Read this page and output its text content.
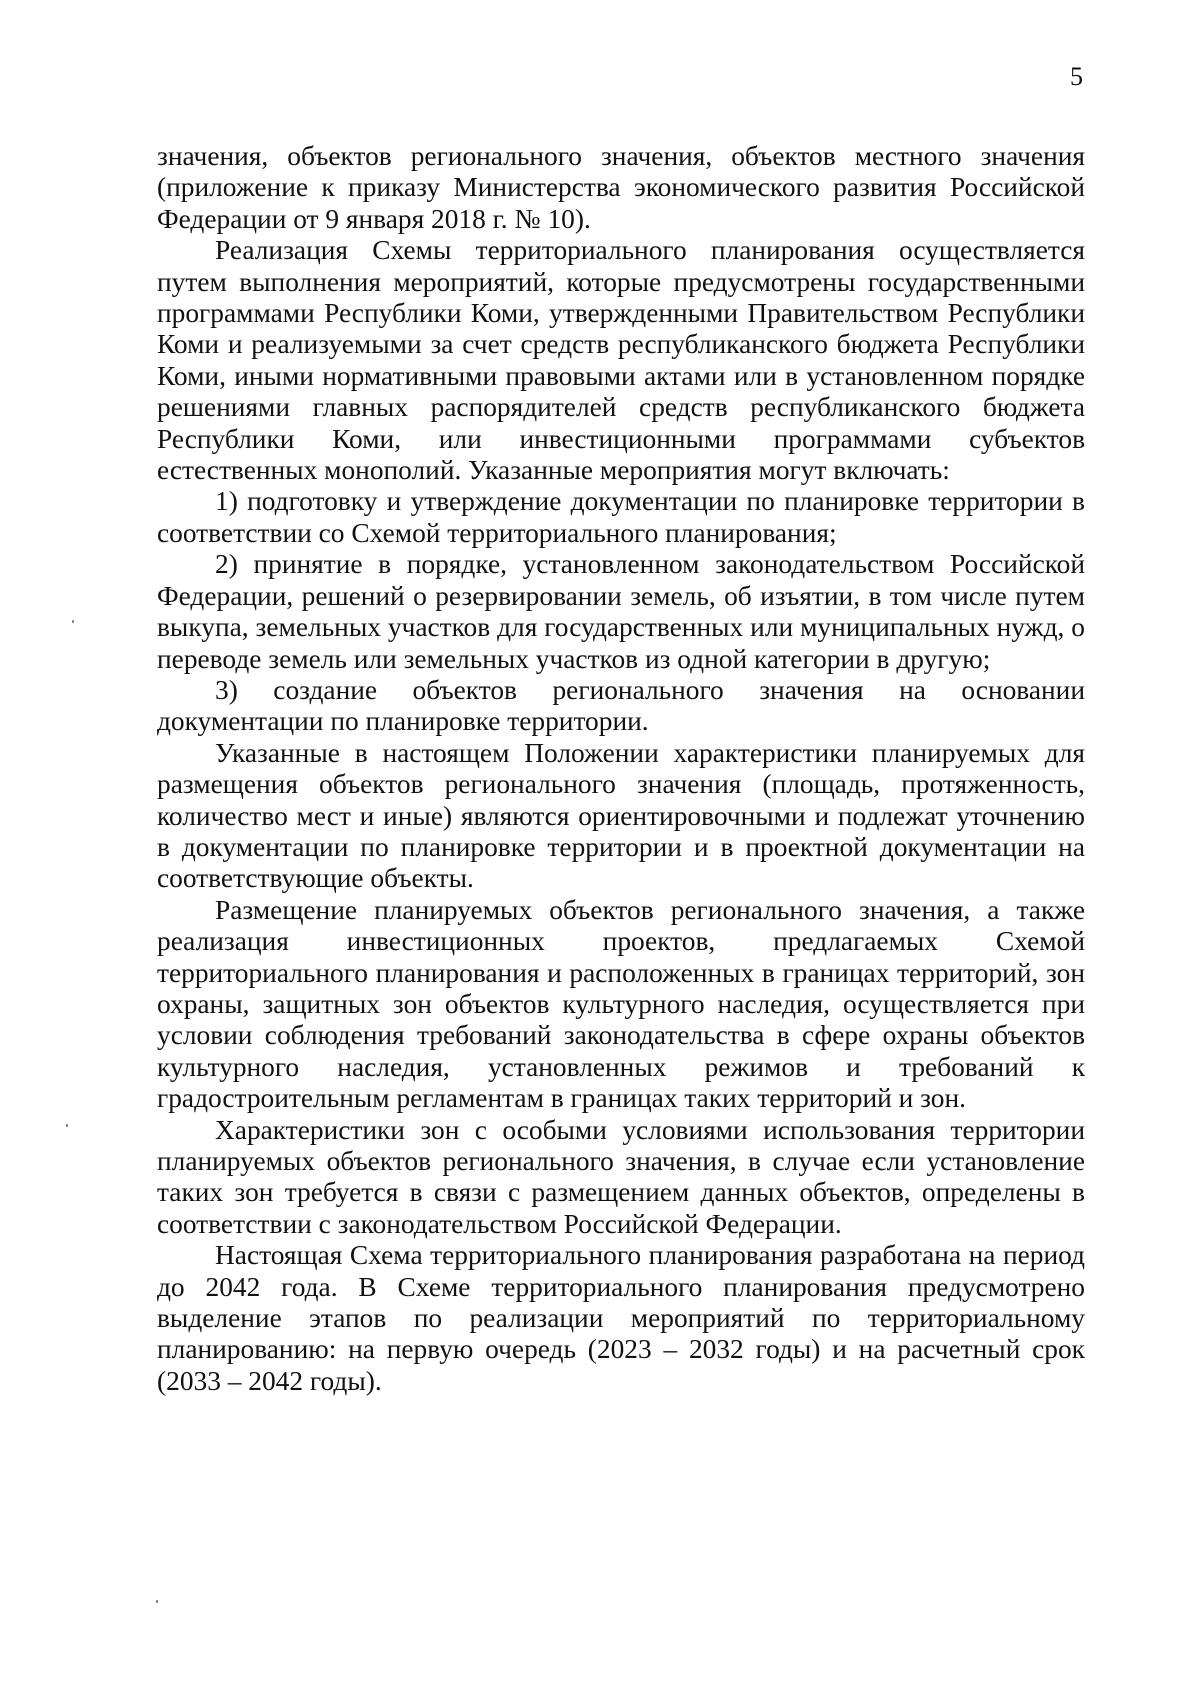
5

значения, объектов регионального значения, объектов местного значения (приложение к приказу Министерства экономического развития Российской Федерации от 9 января 2018 г. № 10).

Реализация Схемы территориального планирования осуществляется путем выполнения мероприятий, которые предусмотрены государственными программами Республики Коми, утвержденными Правительством Республики Коми и реализуемыми за счет средств республиканского бюджета Республики Коми, иными нормативными правовыми актами или в установленном порядке решениями главных распорядителей средств республиканского бюджета Республики Коми, или инвестиционными программами субъектов естественных монополий. Указанные мероприятия могут включать:

1) подготовку и утверждение документации по планировке территории в соответствии со Схемой территориального планирования;

2) принятие в порядке, установленном законодательством Российской Федерации, решений о резервировании земель, об изъятии, в том числе путем выкупа, земельных участков для государственных или муниципальных нужд, о переводе земель или земельных участков из одной категории в другую;

3) создание объектов регионального значения на основании документации по планировке территории.

Указанные в настоящем Положении характеристики планируемых для размещения объектов регионального значения (площадь, протяженность, количество мест и иные) являются ориентировочными и подлежат уточнению в документации по планировке территории и в проектной документации на соответствующие объекты.

Размещение планируемых объектов регионального значения, а также реализация инвестиционных проектов, предлагаемых Схемой территориального планирования и расположенных в границах территорий, зон охраны, защитных зон объектов культурного наследия, осуществляется при условии соблюдения требований законодательства в сфере охраны объектов культурного наследия, установленных режимов и требований к градостроительным регламентам в границах таких территорий и зон.

Характеристики зон с особыми условиями использования территории планируемых объектов регионального значения, в случае если установление таких зон требуется в связи с размещением данных объектов, определены в соответствии с законодательством Российской Федерации.

Настоящая Схема территориального планирования разработана на период до 2042 года. В Схеме территориального планирования предусмотрено выделение этапов по реализации мероприятий по территориальному планированию: на первую очередь (2023 – 2032 годы) и на расчетный срок (2033 – 2042 годы).
